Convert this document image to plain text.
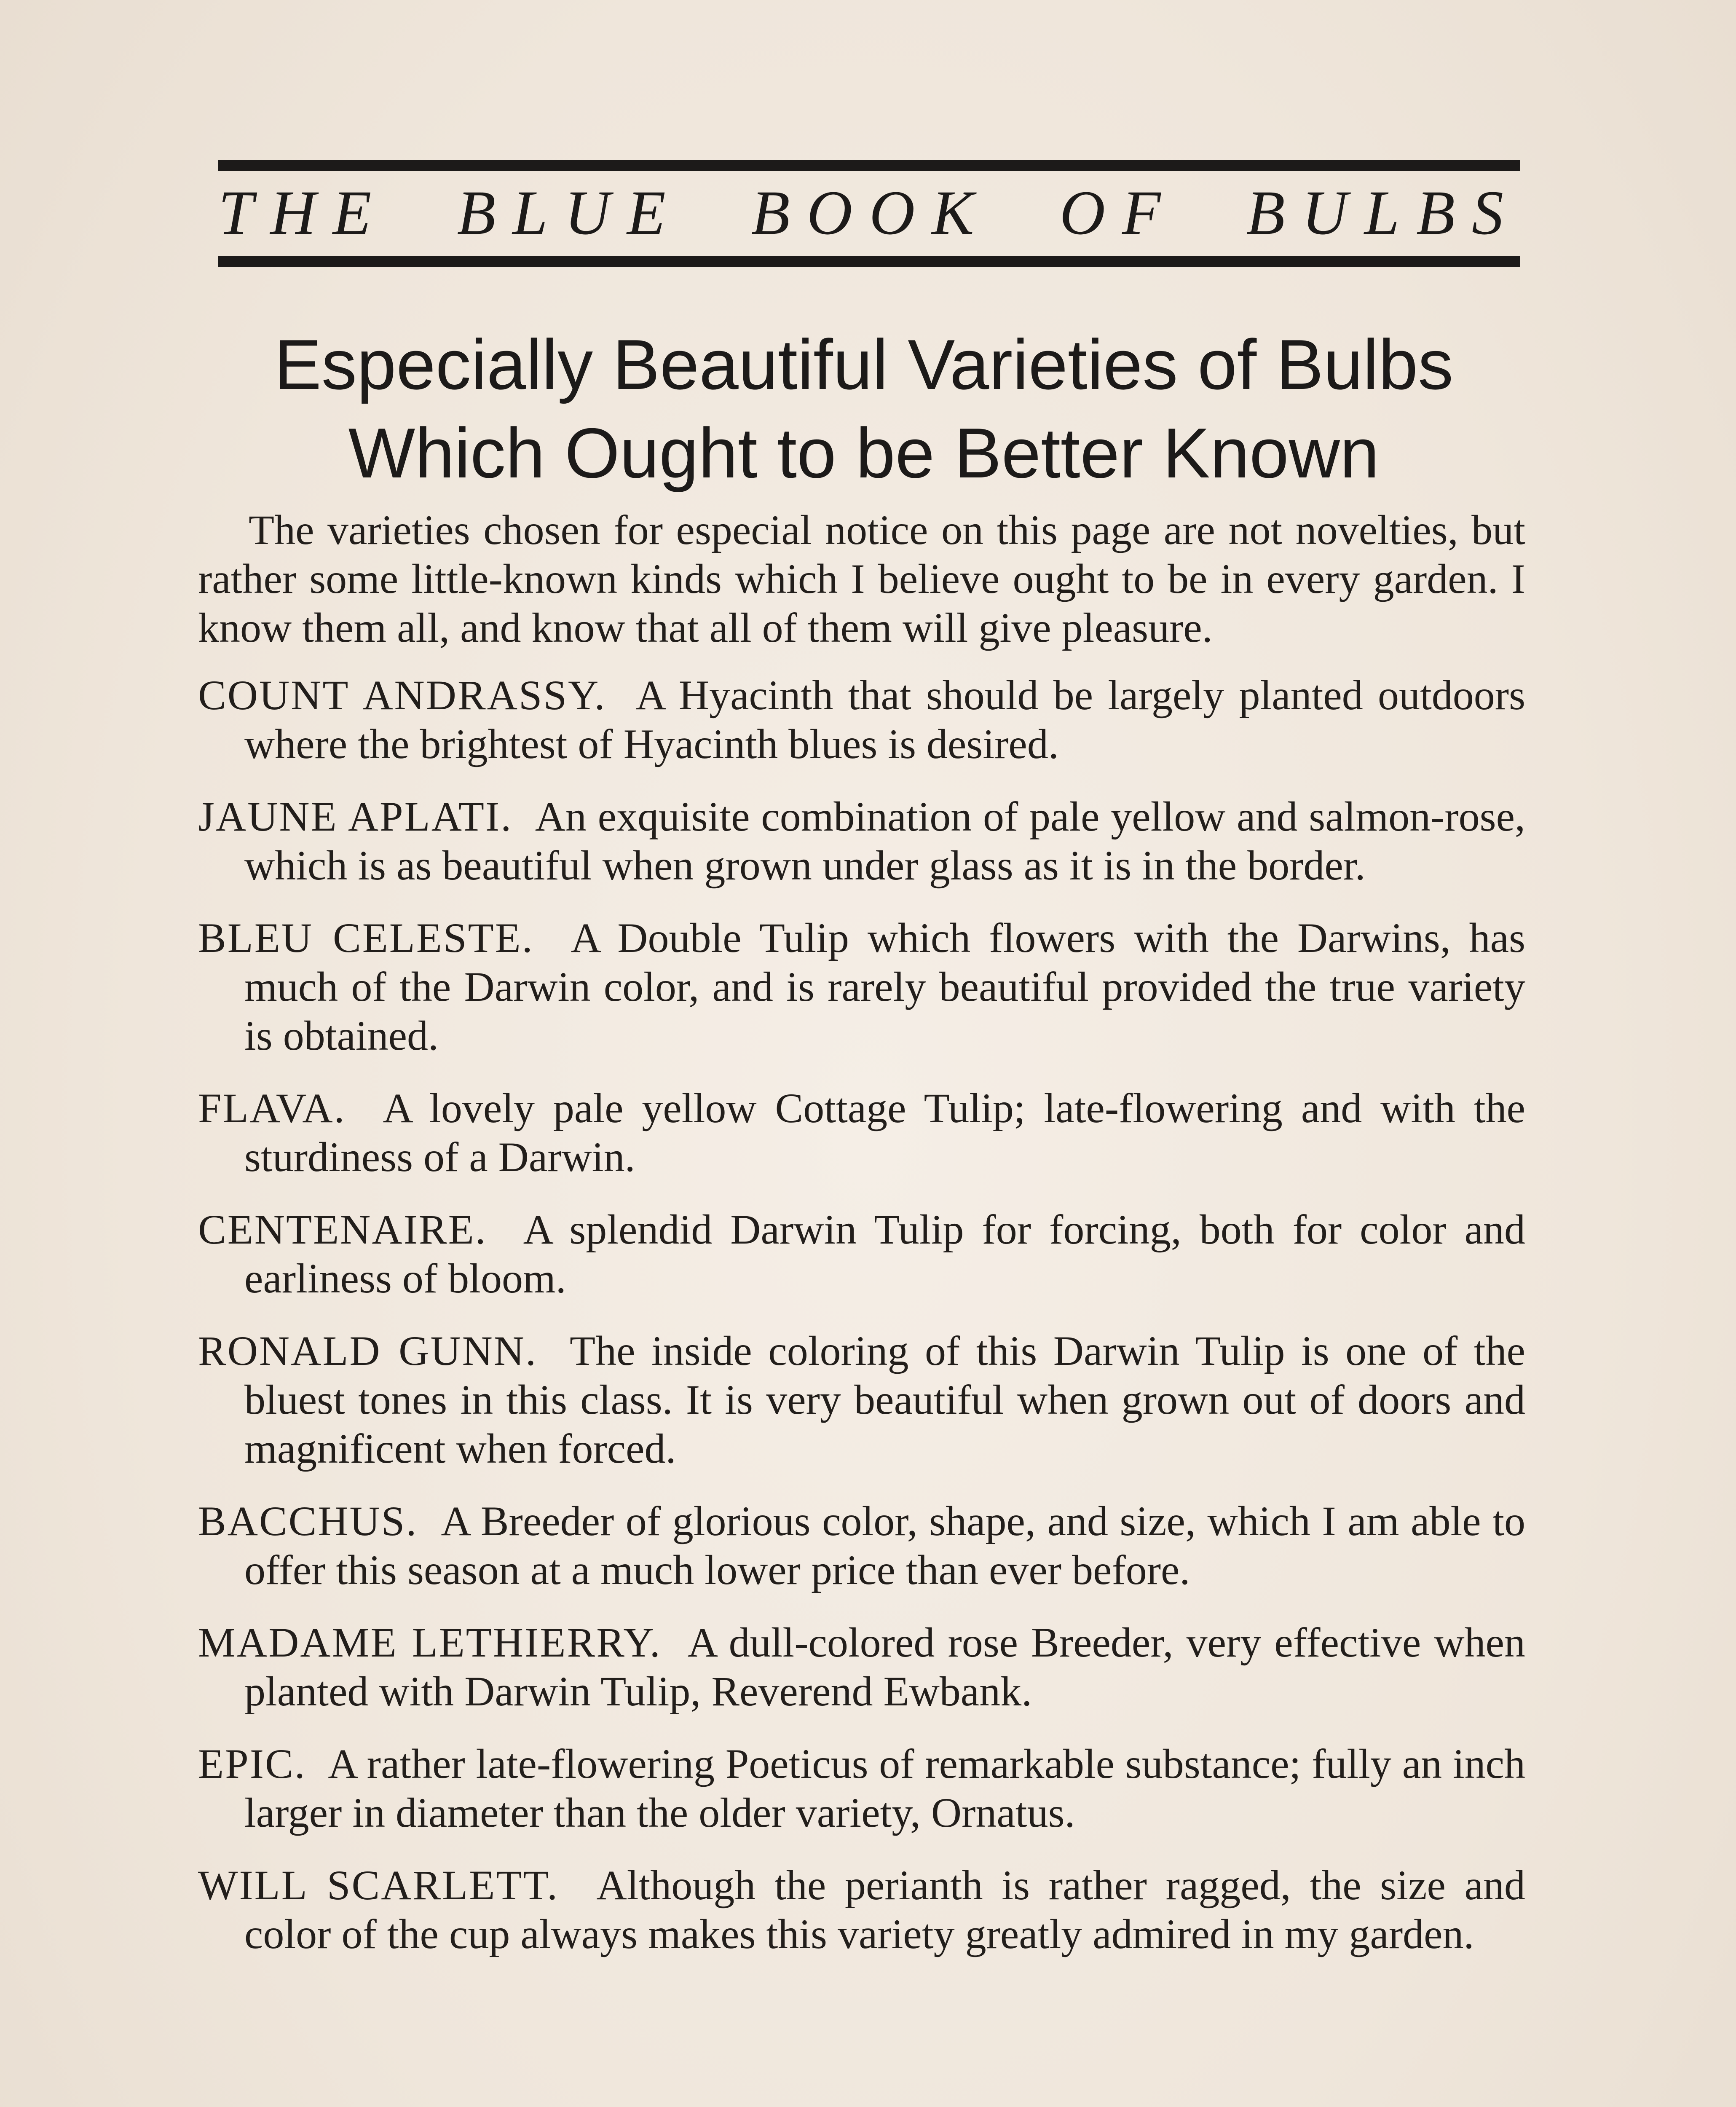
THE BLUE BOOK OF BULBS
Especially Beautiful Varieties of Bulbs
Which Ought to be Better Known

The varieties chosen for especial notice on this page are not novelties, but rather some little-known kinds which I believe ought to be in every garden. I know them all, and know that all of them will give pleasure.

COUNT ANDRASSY. A Hyacinth that should be largely planted outdoors where the brightest of Hyacinth blues is desired.

JAUNE APLATI. An exquisite combination of pale yellow and salmon-rose, which is as beautiful when grown under glass as it is in the border.

BLEU CELESTE. A Double Tulip which flowers with the Darwins, has much of the Darwin color, and is rarely beautiful provided the true variety is obtained.

FLAVA. A lovely pale yellow Cottage Tulip; late-flowering and with the sturdiness of a Darwin.

CENTENAIRE. A splendid Darwin Tulip for forcing, both for color and earliness of bloom.

RONALD GUNN. The inside coloring of this Darwin Tulip is one of the bluest tones in this class. It is very beautiful when grown out of doors and magnificent when forced.

BACCHUS. A Breeder of glorious color, shape, and size, which I am able to offer this season at a much lower price than ever before.

MADAME LETHIERRY. A dull-colored rose Breeder, very effective when planted with Darwin Tulip, Reverend Ewbank.

EPIC. A rather late-flowering Poeticus of remarkable substance; fully an inch larger in diameter than the older variety, Ornatus.

WILL SCARLETT. Although the perianth is rather ragged, the size and color of the cup always makes this variety greatly admired in my garden.
